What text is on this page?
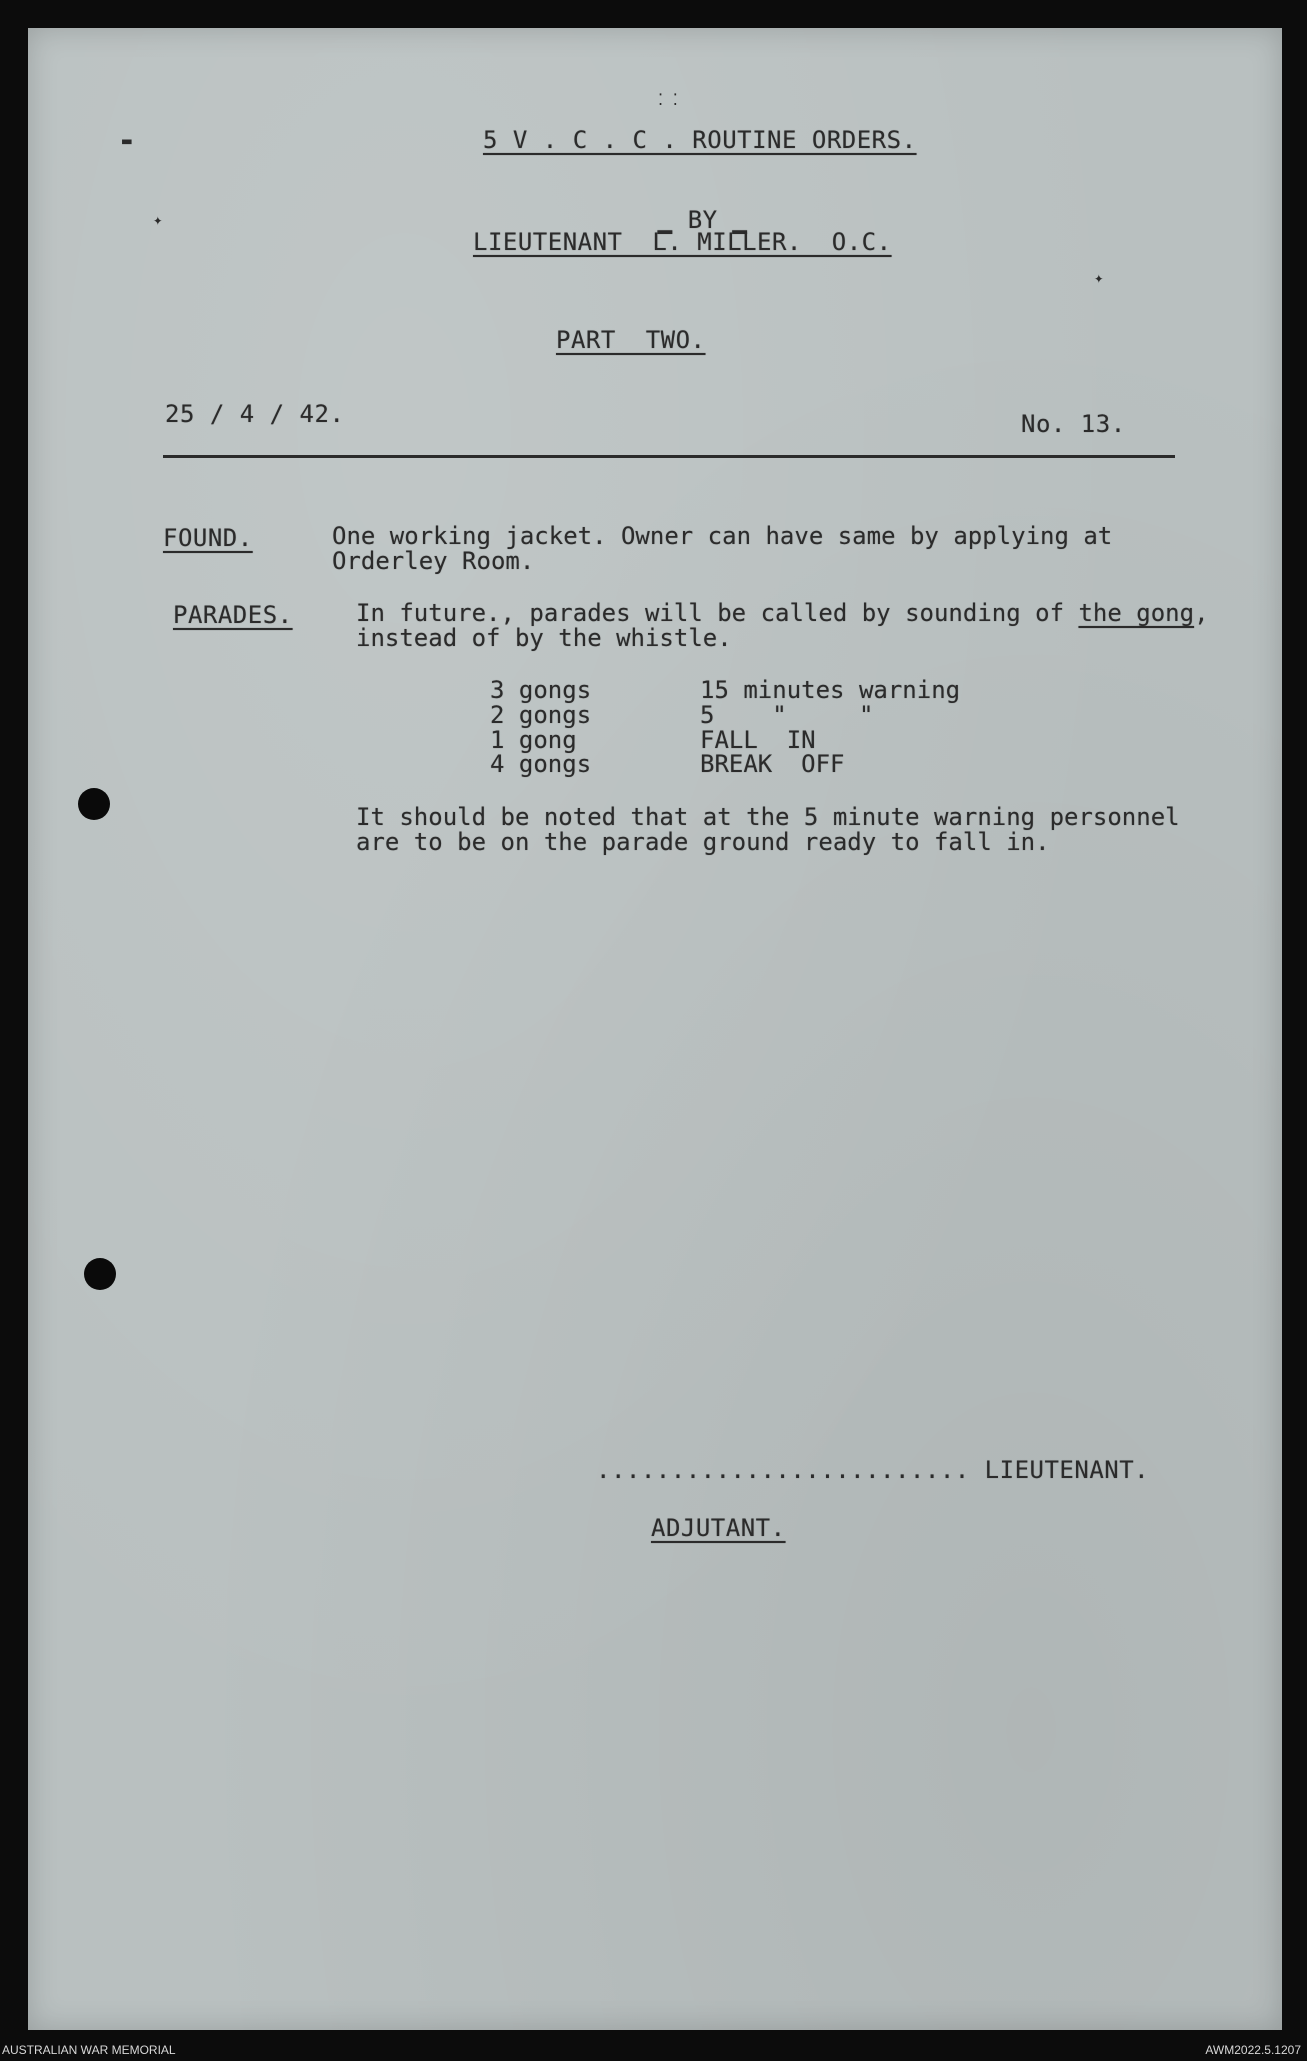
▬
✦
✦
⁚ ⁚
5 V . C . C . ROUTINE ORDERS.

▁ BY ▁

LIEUTENANT  L. MILLER.  O.C.
PART  TWO.
25 / 4 / 42.	No. 13.
FOUND.	One working jacket. Owner can have same by applying at
Orderley Room.
PARADES.	In future., parades will be called by sounding of the gong,
instead of by the whistle.
3 gongs	15 minutes warning
2 gongs	5    "     "
1 gong	FALL  IN
4 gongs	BREAK  OFF
It should be noted that at the 5 minute warning personnel
are to be on the parade ground ready to fall in.
......................... LIEUTENANT.
ADJUTANT.
AUSTRALIAN WAR MEMORIAL	AWM2022.5.1207
